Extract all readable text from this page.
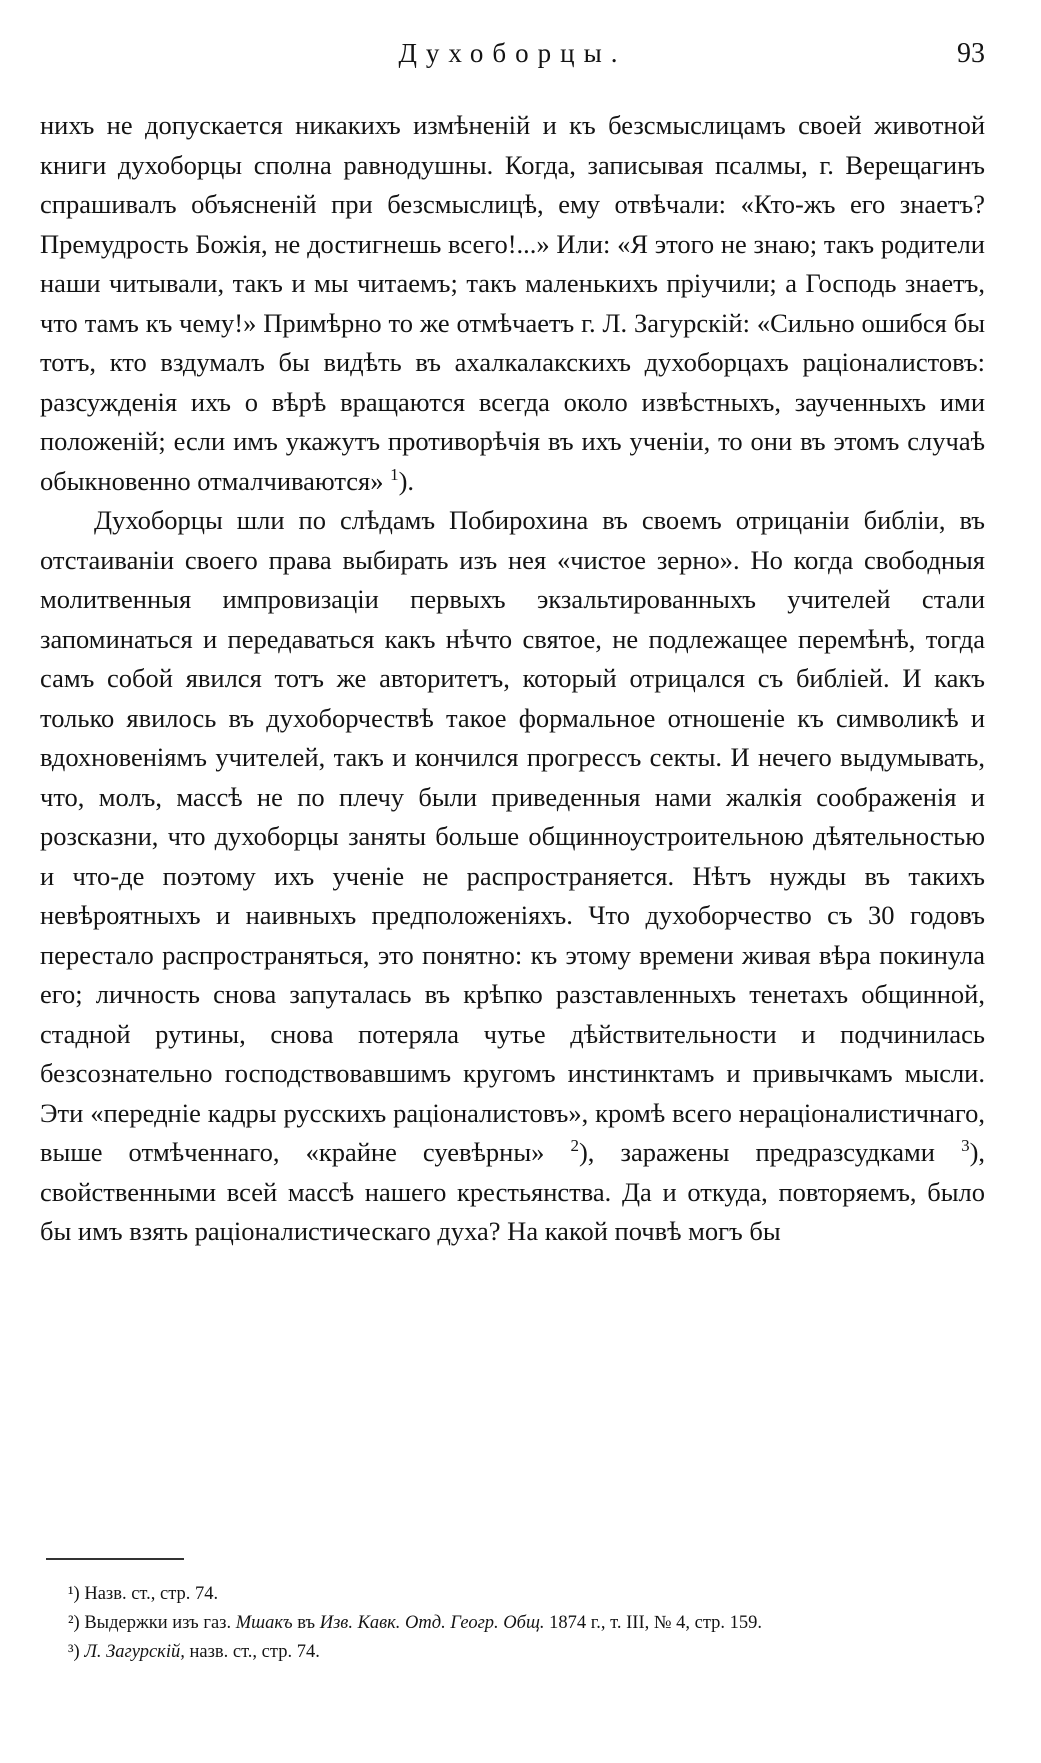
Духоборцы.	93

нихъ не допускается никакихъ измѣненій и къ безсмыслицамъ своей животной книги духоборцы сполна равнодушны. Когда, записывая псалмы, г. Верещагинъ спрашивалъ объясненій при безсмыслицѣ, ему отвѣчали: «Кто-жъ его знаетъ? Премудрость Божія, не достигнешь всего!...» Или: «Я этого не знаю; такъ родители наши читывали, такъ и мы читаемъ; такъ маленькихъ пріучили; а Господь знаетъ, что тамъ къ чему!» Примѣрно то же отмѣчаетъ г. Л. Загурскій: «Сильно ошибся бы тотъ, кто вздумалъ бы видѣть въ ахалкалакскихъ духоборцахъ раціоналистовъ: разсужденія ихъ о вѣрѣ вращаются всегда около извѣстныхъ, заученныхъ ими положеній; если имъ укажутъ противорѣчія въ ихъ ученіи, то они въ этомъ случаѣ обыкновенно отмалчиваются» $^1$).

Духоборцы шли по слѣдамъ Побирохина въ своемъ отрицаніи библіи, въ отстаиваніи своего права выбирать изъ нея «чистое зерно». Но когда свободныя молитвенныя импровизаціи первыхъ экзальтированныхъ учителей стали запоминаться и передаваться какъ нѣчто святое, не подлежащее перемѣнѣ, тогда самъ собой явился тотъ же авторитетъ, который отрицался съ библіей. И какъ только явилось въ духоборчествѣ такое формальное отношеніе къ символикѣ и вдохновеніямъ учителей, такъ и кончился прогрессъ секты. И нечего выдумывать, что, молъ, массѣ не по плечу были приведенныя нами жалкія соображенія и розсказни, что духоборцы заняты больше общинноустроительною дѣятельностью и что-де поэтому ихъ ученіе не распространяется. Нѣтъ нужды въ такихъ невѣроятныхъ и наивныхъ предположеніяхъ. Что духоборчество съ 30 годовъ перестало распространяться, это понятно: къ этому времени живая вѣра покинула его; личность снова запуталась въ крѣпко разставленныхъ тенетахъ общинной, стадной рутины, снова потеряла чутье дѣйствительности и подчинилась безсознательно господствовавшимъ кругомъ инстинктамъ и привычкамъ мысли. Эти «передніе кадры русскихъ раціоналистовъ», кромѣ всего нераціоналистичнаго, выше отмѣченнаго, «крайне суевѣрны» $^2$), заражены предразсудками $^3$), свойственными всей массѣ нашего крестьянства. Да и откуда, повторяемъ, было бы имъ взять раціоналистическаго духа? На какой почвѣ могъ бы

¹) Назв. ст., стр. 74.

²) Выдержки изъ газ. Мшакъ въ Изв. Кавк. Отд. Геогр. Общ. 1874 г., т. III, № 4, стр. 159.

³) Л. Загурскій, назв. ст., стр. 74.
